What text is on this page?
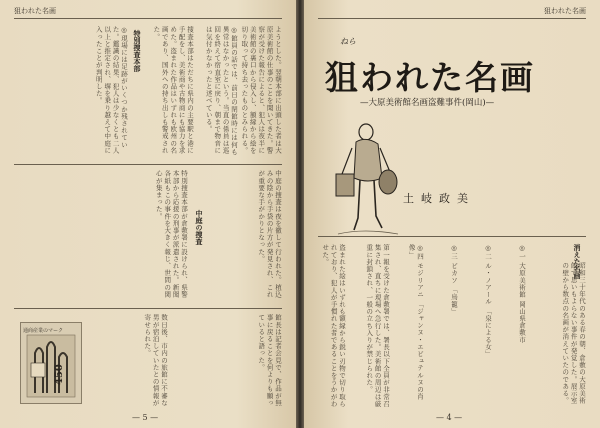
狙われた名画
ようとした。翌朝本部に出頭した者は大原美術館の仕事のことを聞いてきた。警察が受けた報告によると、犯人は夜半に美術館の裏口から侵入し、額縁から絵を切り取って持ち去ったものとみられる。
◎館員の話では、前日の閉館時には何も異常はなかったという。当直の係員は巡回を終えて宿直室に戻り、朝まで物音には気付かなかったと述べている。
捜査本部はただちに県内の主要駅と港に手配をし、美術商や古物商にも協力を求めた。盗まれた作品はいずれも欧州の名画であり、国外への持ち出しも警戒された。
特別捜査本部
◎現場には足跡がいくつか残されていた。鑑識の結果、犯人は少なくとも二人以上と推定され、塀を乗り越えて中庭に入ったことが判明した。
中庭の捜査は夜を徹して行われた。植込みの陰から手袋の片方が発見され、これが重要な手がかりとなった。
中庭の捜査
特別捜査本部が倉敷署に設けられ、県警本部から応援の刑事が派遣された。新聞各紙もこの事件を大きく報じ、世間の関心が集まった。
館長は記者会見で、作品が無事に戻ることを何よりも願っていると語った。
数日後、市内の旅館に不審な男が宿泊していたとの情報が寄せられた。
通商産業のマーク
450
— 5 —
狙われた名画
消えた名画
昭和三十年代のある春の朝、倉敷の大原美術館で思いもよらない事件が発覚した。展示室の壁から数点の名画が消えていたのである。
◎一 大原美術館 岡山県倉敷市
◎二 ル・ノアール 「泉による女」
◎三 ピカソ 「鳥籠」
◎四 モジリアニ 「ジャンヌ・エビュテルヌの肖像」
第一報を受けた倉敷署では、署長以下全員が非常召集され、直ちに現場へ急行した。美術館の周辺は厳重に封鎖され、一般の立ち入りが禁じられた。
盗まれた絵はいずれも額縁から鋭い刃物で切り取られており、犯人が手慣れた者であることをうかがわせた。
— 4 —
ねら
狙われた名画
—大原美術館名画盗難事件(岡山)—
土岐政美
